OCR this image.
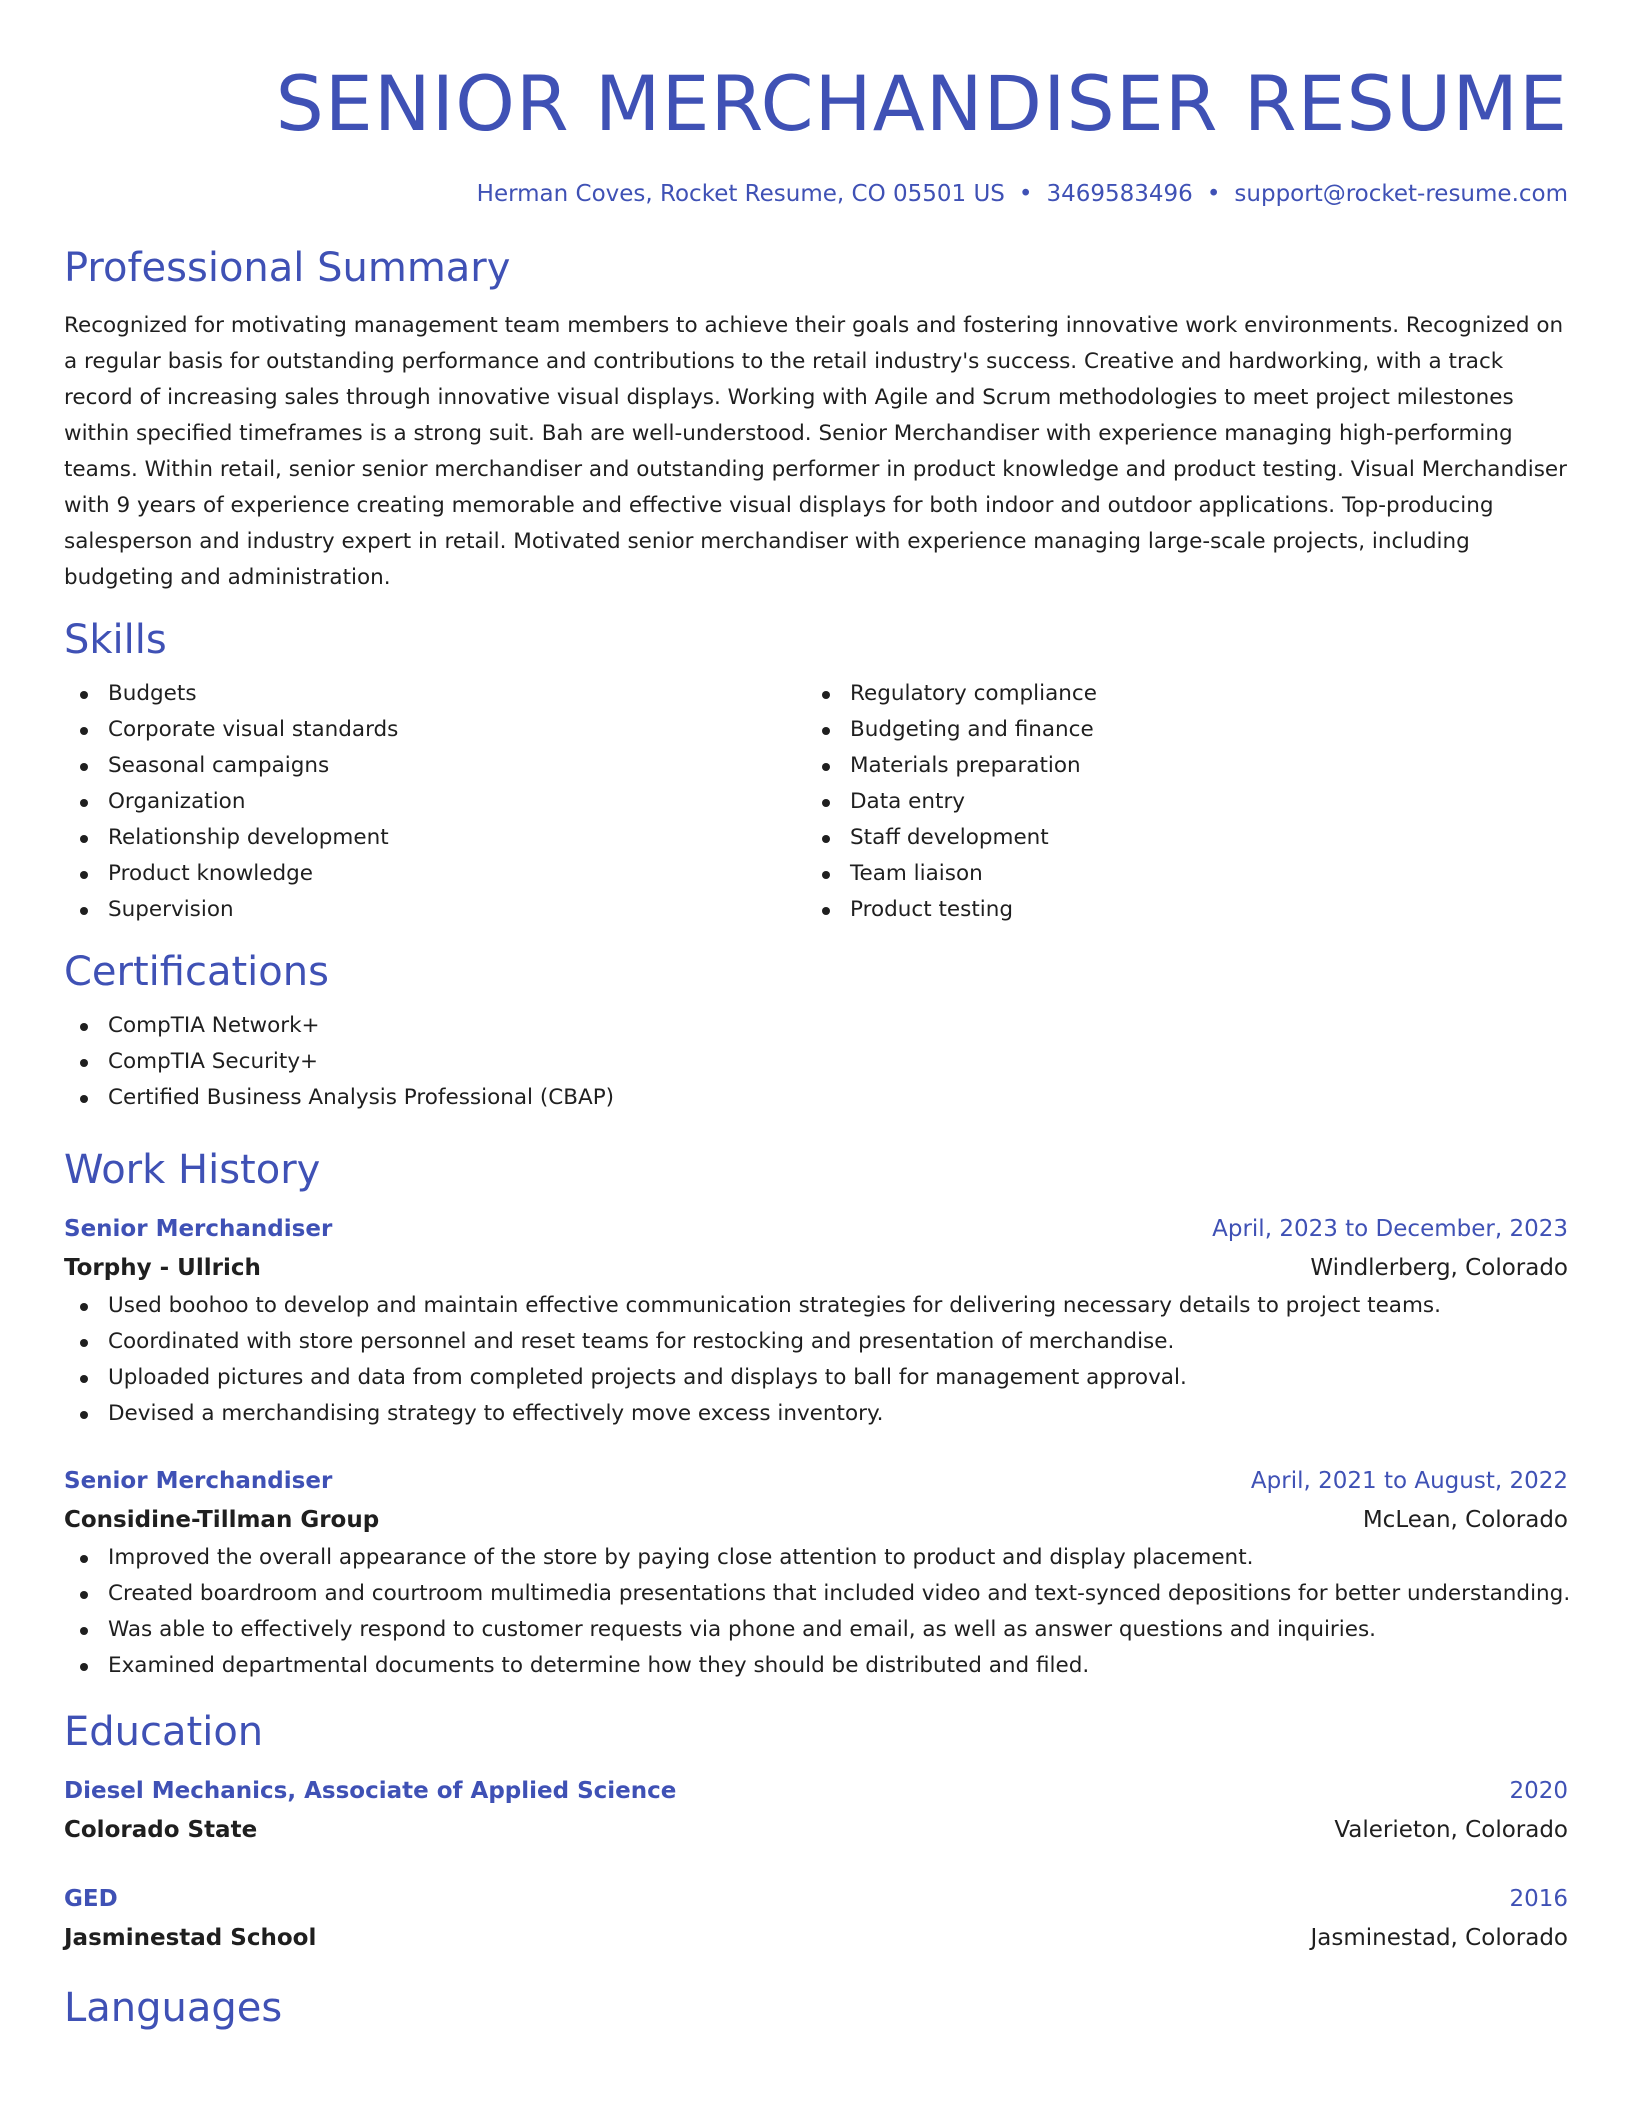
SENIOR MERCHANDISER RESUME
Herman Coves, Rocket Resume, CO 05501 US • 3469583496 • support@rocket-resume.com
Professional Summary

Recognized for motivating management team members to achieve their goals and fostering innovative work environments. Recognized on a regular basis for outstanding performance and contributions to the retail industry's success. Creative and hardworking, with a track record of increasing sales through innovative visual displays. Working with Agile and Scrum methodologies to meet project milestones within specified timeframes is a strong suit. Bah are well-understood. Senior Merchandiser with experience managing high-performing teams. Within retail, senior senior merchandiser and outstanding performer in product knowledge and product testing. Visual Merchandiser with 9 years of experience creating memorable and effective visual displays for both indoor and outdoor applications. Top-producing salesperson and industry expert in retail. Motivated senior merchandiser with experience managing large-scale projects, including budgeting and administration.

Skills
Budgets
Corporate visual standards
Seasonal campaigns
Organization
Relationship development
Product knowledge
Supervision
Regulatory compliance
Budgeting and finance
Materials preparation
Data entry
Staff development
Team liaison
Product testing
Certifications
CompTIA Network+
CompTIA Security+
Certified Business Analysis Professional (CBAP)
Work History
Senior Merchandiser	April, 2023 to December, 2023
Torphy - Ullrich	Windlerberg, Colorado
Used boohoo to develop and maintain effective communication strategies for delivering necessary details to project teams.
Coordinated with store personnel and reset teams for restocking and presentation of merchandise.
Uploaded pictures and data from completed projects and displays to ball for management approval.
Devised a merchandising strategy to effectively move excess inventory.
Senior Merchandiser	April, 2021 to August, 2022
Considine-Tillman Group	McLean, Colorado
Improved the overall appearance of the store by paying close attention to product and display placement.
Created boardroom and courtroom multimedia presentations that included video and text-synced depositions for better understanding.
Was able to effectively respond to customer requests via phone and email, as well as answer questions and inquiries.
Examined departmental documents to determine how they should be distributed and filed.
Education
Diesel Mechanics, Associate of Applied Science	2020
Colorado State	Valerieton, Colorado
GED	2016
Jasminestad School	Jasminestad, Colorado
Languages
